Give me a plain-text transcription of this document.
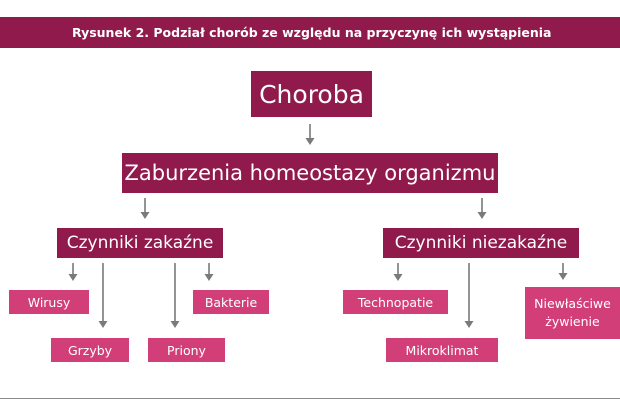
Rysunek 2. Podział chorób ze względu na przyczynę ich wystąpienia
Choroba
Zaburzenia homeostazy organizmu
Czynniki zakaźne	Czynniki niezakaźne
Wirusy
Grzyby	Priony
Bakterie	Technopatie
Mikroklimat
Niewłaściwe
żywienie
